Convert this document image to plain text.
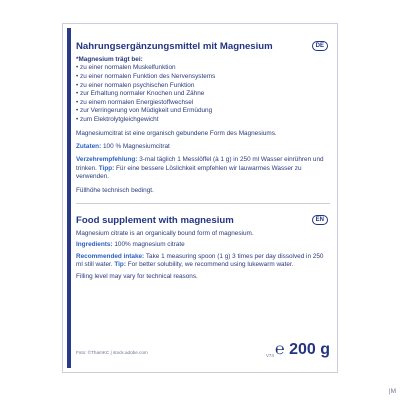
Nahrungsergänzungsmittel mit Magnesium	DE
*Magnesium trägt bei:
• zu einer normalen Muskelfunktion
• zu einer normalen Funktion des Nervensystems
• zu einer normalen psychischen Funktion
• zur Erhaltung normaler Knochen und Zähne
• zu einem normalen Energiestoffwechsel
• zur Verringerung von Müdigkeit und Ermüdung
• zum Elektrolytgleichgewicht
Magnesiumcitrat ist eine organisch gebundene Form des Magnesiums.
Zutaten: 100 % Magnesiumcitrat
Verzehrempfehlung: 3-mal täglich 1 Messlöffel (à 1 g) in 250 ml Wasser einrühren und trinken. Tipp: Für eine bessere Löslichkeit empfehlen wir lauwarmes Wasser zu verwenden.
Füllhöhe technisch bedingt.
Food supplement with magnesium	EN
Magnesium citrate is an organically bound form of magnesium.
Ingredients: 100% magnesium citrate
Recommended intake: Take 1 measuring spoon (1 g) 3 times per day dissolved in 250 ml still water. Tip: For better solubility, we recommend using lukewarm water.
Filling level may vary for technical reasons.
Foto: ©ThamKC | stock.adobe.com
V74 ℮ 200 g
|M
